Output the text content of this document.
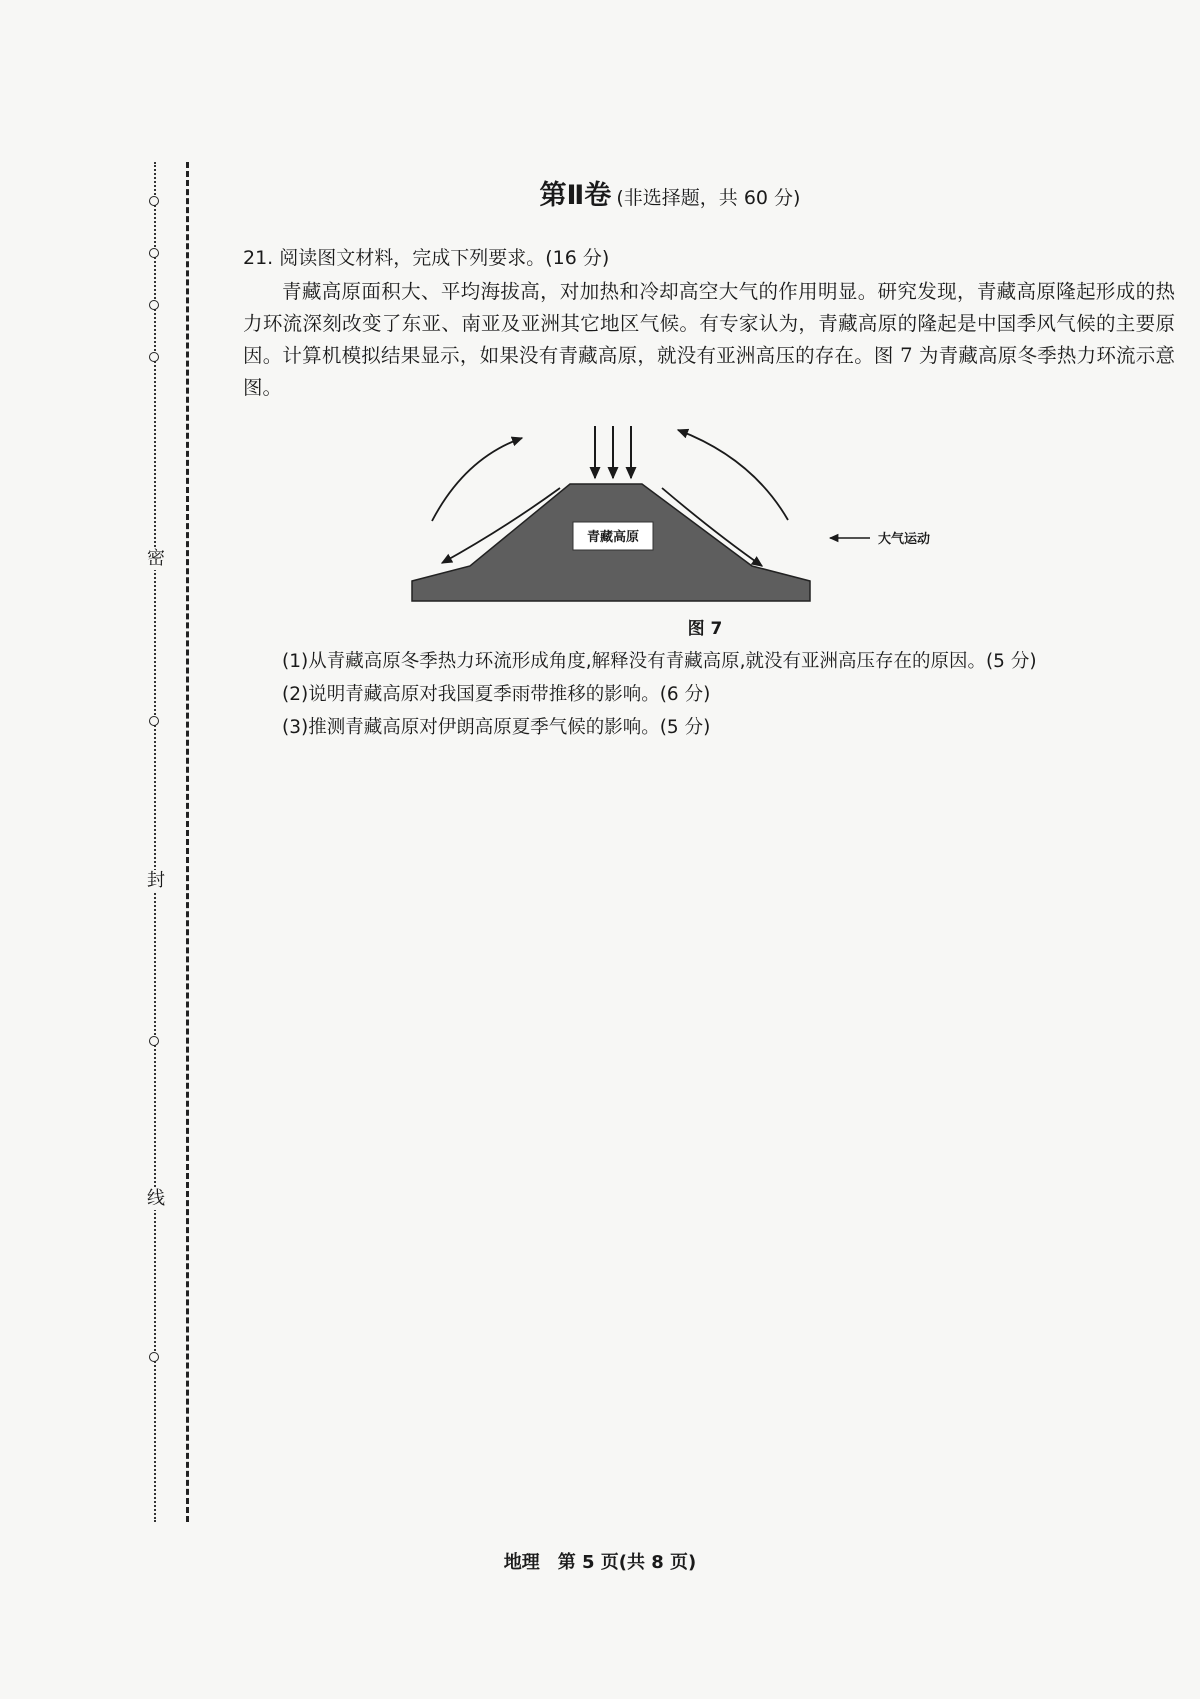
密
封
线
第Ⅱ卷 (非选择题，共 60 分)
21. 阅读图文材料，完成下列要求。(16 分)
青藏高原面积大、平均海拔高，对加热和冷却高空大气的作用明显。研究发现，青藏高原隆起形成的热力环流深刻改变了东亚、南亚及亚洲其它地区气候。有专家认为，青藏高原的隆起是中国季风气候的主要原因。计算机模拟结果显示，如果没有青藏高原，就没有亚洲高压的存在。图 7 为青藏高原冬季热力环流示意图。
青藏高原	大气运动
图 7
(1)从青藏高原冬季热力环流形成角度,解释没有青藏高原,就没有亚洲高压存在的原因。(5 分)
(2)说明青藏高原对我国夏季雨带推移的影响。(6 分)
(3)推测青藏高原对伊朗高原夏季气候的影响。(5 分)
地理　第 5 页(共 8 页)
